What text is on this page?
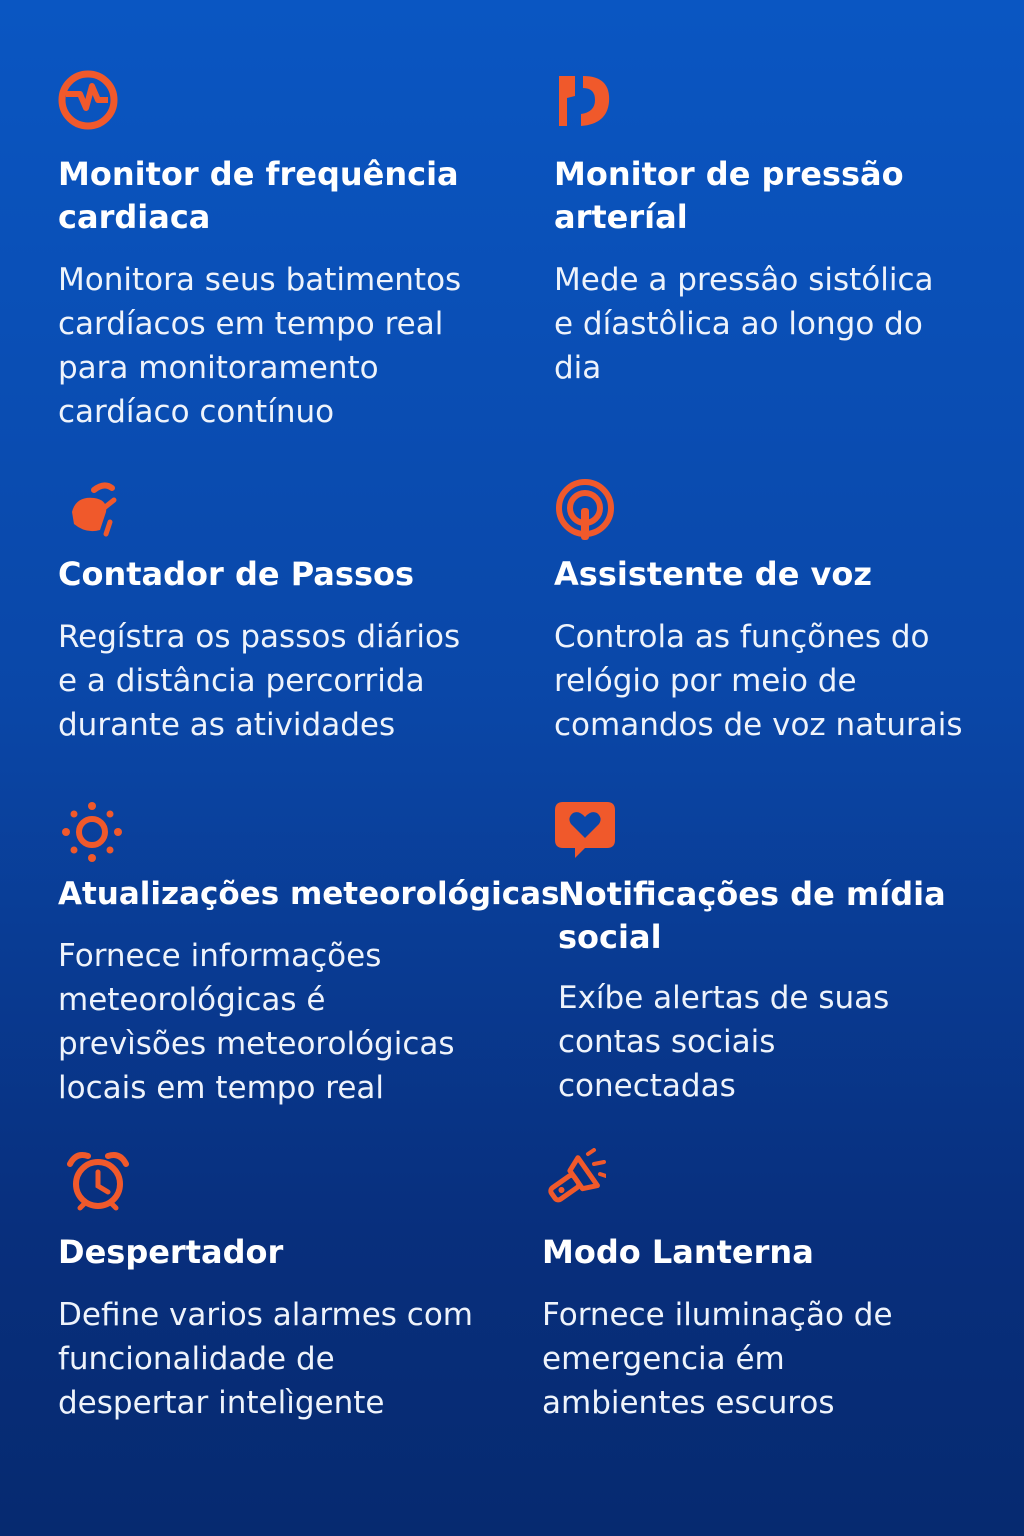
Monitor de frequência
cardiaca
Monitora seus batimentos
cardíacos em tempo real
para monitoramento
cardíaco contínuo
Monitor de pressão
arteríal
Mede a pressâo sistólica
e díastôlica ao longo do
dia
Contador de Passos
Regístra os passos diários
e a distância percorrida
durante as atividades
Assistente de voz
Controla as funçõnes do
relógio por meio de
comandos de voz naturais
Atualizações meteorológicas
Fornece informações
meteorológicas é
prevìsões meteorológicas
locais em tempo real
Notificações de mídia
social
Exíbe alertas de suas
contas sociais
conectadas
Despertador
Define varios alarmes com
funcionalidade de
despertar intelìgente
Modo Lanterna
Fornece iluminação de
emergencia ém
ambientes escuros
